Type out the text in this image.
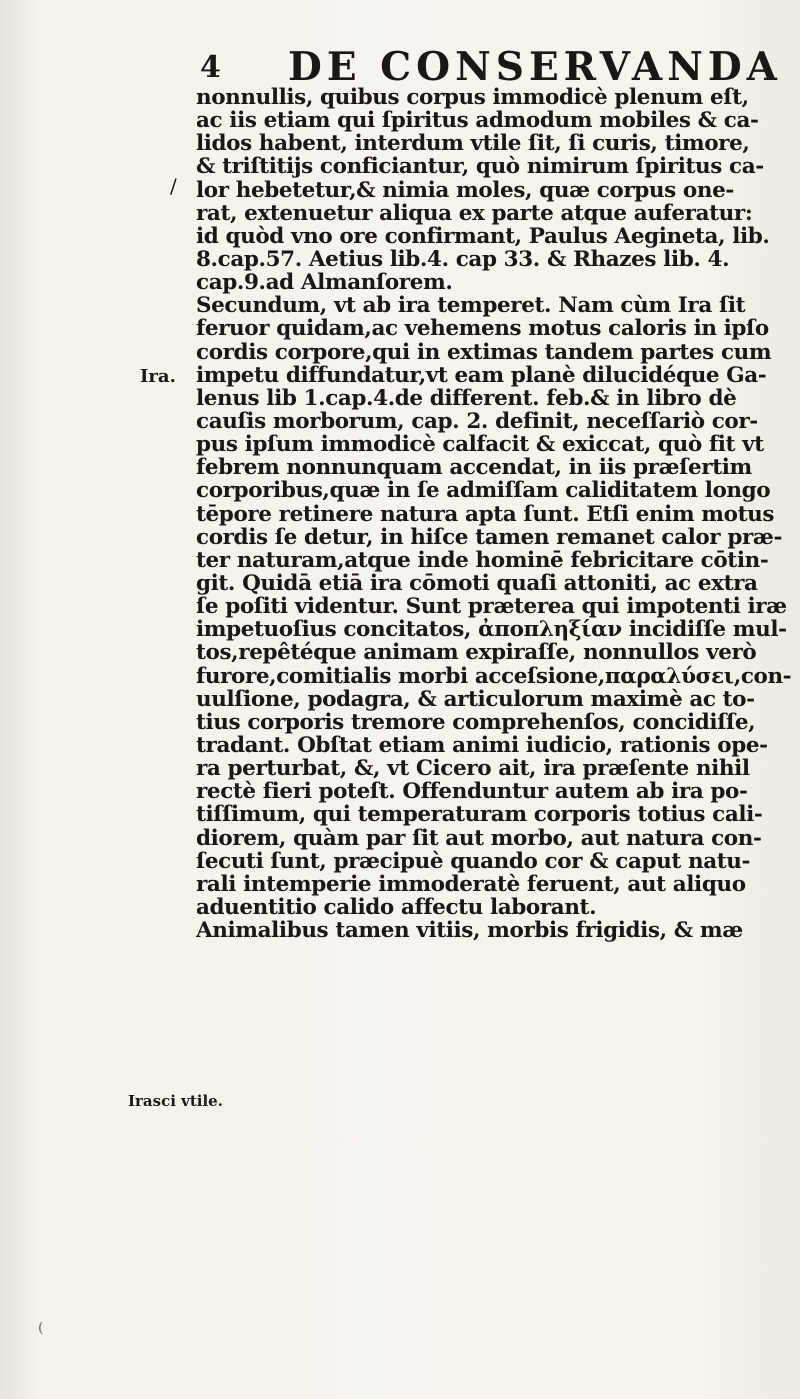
4 DE CONSERVANDA
/
Ira.
Irasci vtile.
(
nonnullis, quibus corpus immodicè plenum eſt,
ac iis etiam qui ſpiritus admodum mobiles & ca-
lidos habent, interdum vtile ſit, ſi curis, timore,
& triſtitijs conficiantur, quò nimirum ſpiritus ca-
lor hebetetur,& nimia moles, quæ corpus one-
rat, extenuetur aliqua ex parte atque auferatur:
id quòd vno ore confirmant, Paulus Aegineta, lib.
8.cap.57. Aetius lib.4. cap 33. & Rhazes lib. 4.
cap.9.ad Almanſorem.
Secundum, vt ab ira temperet. Nam cùm Ira ſit
feruor quidam,ac vehemens motus caloris in ipſo
cordis corpore,qui in extimas tandem partes cum
impetu diffundatur,vt eam planè dilucidéque Ga-
lenus lib 1.cap.4.de different. feb.& in libro dè
cauſis morborum, cap. 2. definit, neceſſariò cor-
pus ipſum immodicè calfacit & exiccat, quò fit vt
febrem nonnunquam accendat, in iis præſertim
corporibus,quæ in ſe admiſſam caliditatem longo
tēpore retinere natura apta ſunt. Etſi enim motus
cordis ſe detur, in hiſce tamen remanet calor præ-
ter naturam,atque inde hominē febricitare cōtin-
git. Quidā etiā ira cōmoti quaſi attoniti, ac extra
ſe poſiti videntur. Sunt præterea qui impotenti iræ
impetuoſius concitatos, ἀποπληξίαν incidiſſe mul-
tos,repêtéque animam expiraſſe, nonnullos verò
furore,comitialis morbi acceſsione,παραλύσει,con-
uulſione, podagra, & articulorum maximè ac to-
tius corporis tremore comprehenſos, concidiſſe,
tradant. Obſtat etiam animi iudicio, rationis ope-
ra perturbat, &, vt Cicero ait, ira præſente nihil
rectè fieri poteſt. Offenduntur autem ab ira po-
tiſſimum, qui temperaturam corporis totius cali-
diorem, quàm par ſit aut morbo, aut natura con-
ſecuti ſunt, præcipuè quando cor & caput natu-
rali intemperie immoderatè feruent, aut aliquo
aduentitio calido affectu laborant.
Animalibus tamen vitiis, morbis frigidis, & mæ
